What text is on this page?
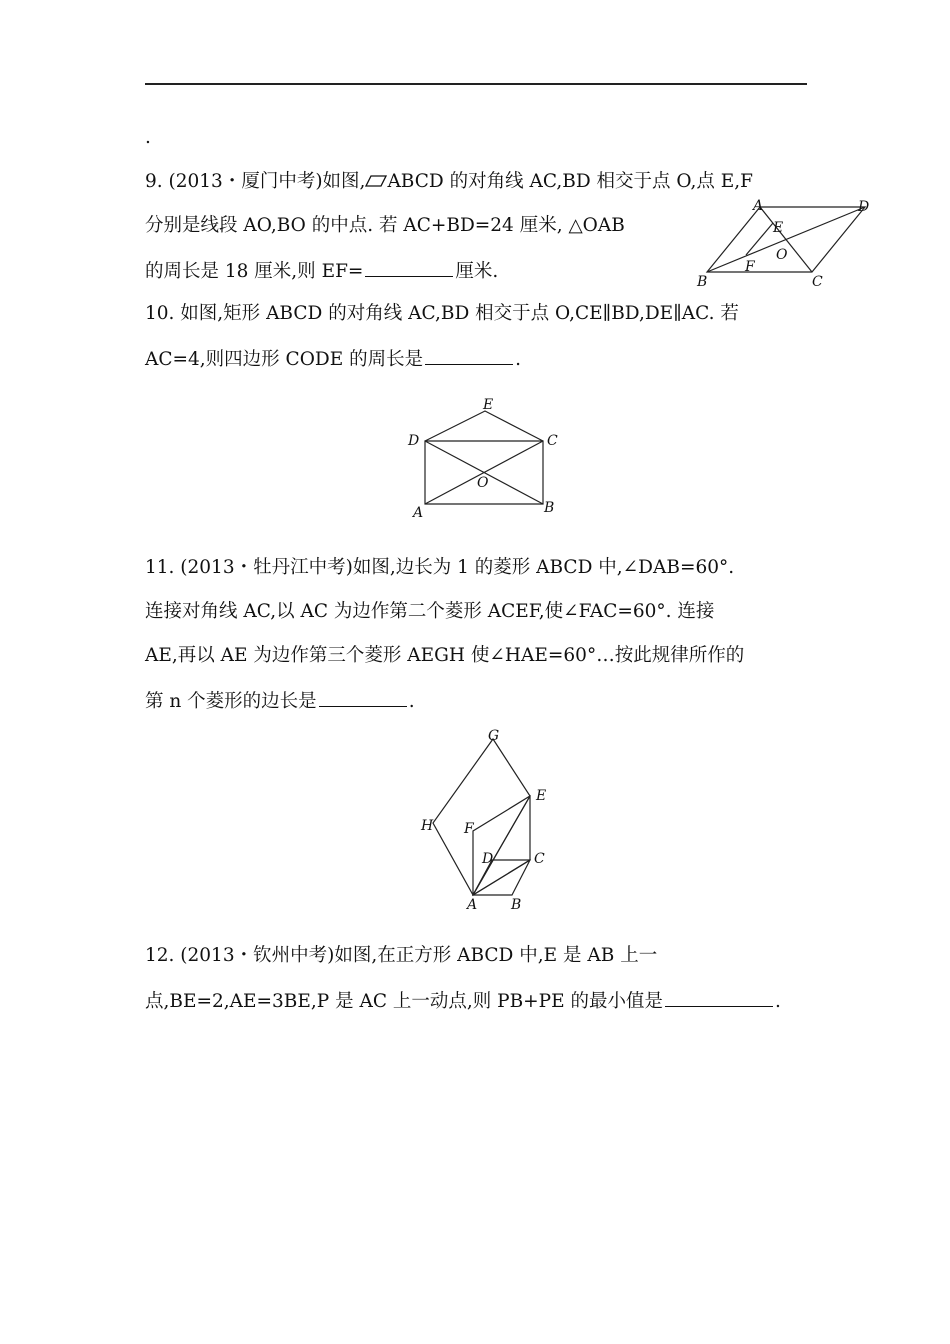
.
9. (2013・厦门中考)如图, ABCD 的对角线 AC,BD 相交于点 O,点 E,F
分别是线段 AO,BO 的中点. 若 AC+BD=24 厘米, △OAB
的周长是 18 厘米,则 EF=	厘米.
A	D
E
O
F
B	C
10. 如图,矩形 ABCD 的对角线 AC,BD 相交于点 O,CE∥BD,DE∥AC. 若
AC=4,则四边形 CODE 的周长是	.
E
D	C
O
A	B
11. (2013・牡丹江中考)如图,边长为 1 的菱形 ABCD 中,∠DAB=60°.
连接对角线 AC,以 AC 为边作第二个菱形 ACEF,使∠FAC=60°. 连接
AE,再以 AE 为边作第三个菱形 AEGH 使∠HAE=60°…按此规律所作的
第 n 个菱形的边长是	.
G
E
H F
D	C
A B
12. (2013・钦州中考)如图,在正方形 ABCD 中,E 是 AB 上一
点,BE=2,AE=3BE,P 是 AC 上一动点,则 PB+PE 的最小值是	.
